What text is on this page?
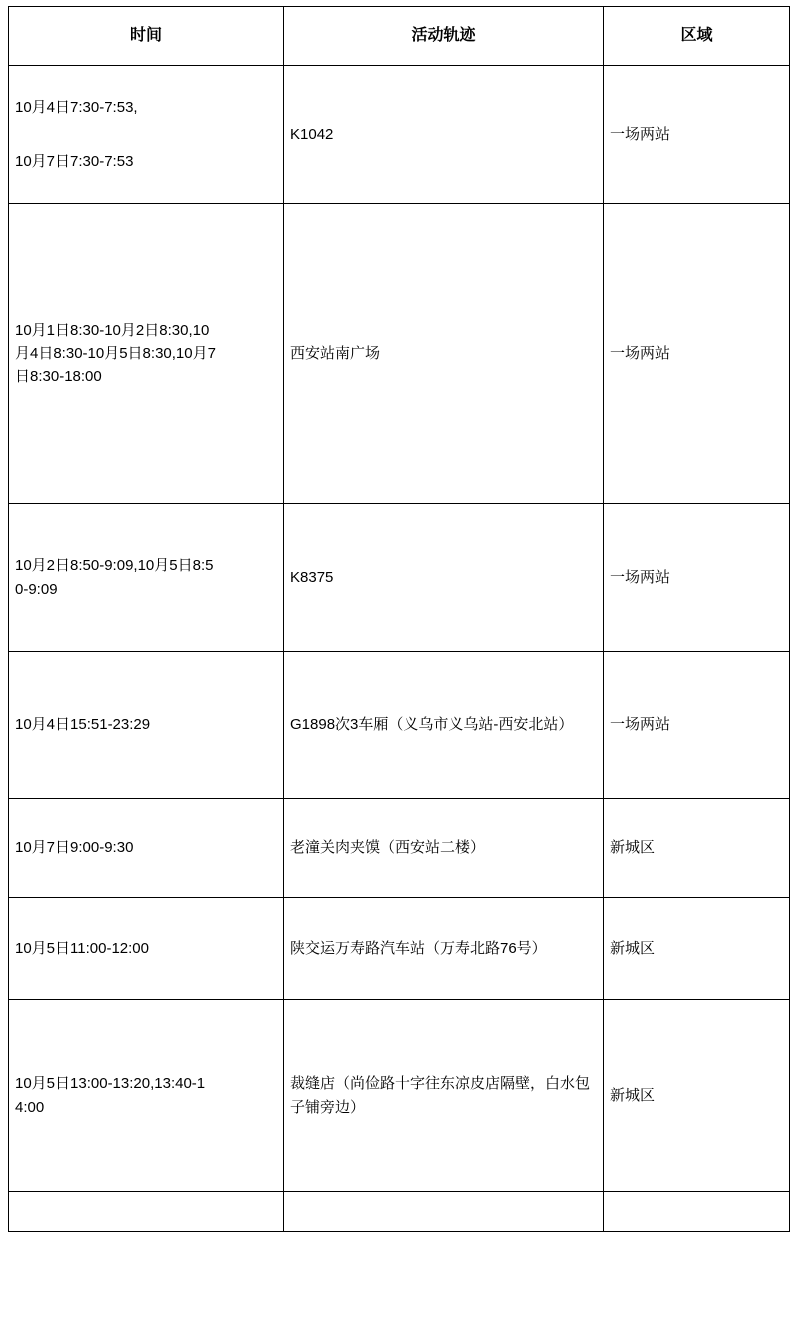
时间	活动轨迹	区域

10月4日7:30-7:53,
10月7日7:30-7:53	K1042	一场两站

10月1日8:30-10月2日8:30,10
月4日8:30-10月5日8:30,10月7
日8:30-18:00	西安站南广场	一场两站

10月2日8:50-9:09,10月5日8:5
0-9:09	K8375	一场两站

10月4日15:51-23:29	G1898次3车厢（义乌市义乌站-西安北站）	一场两站

10月7日9:00-9:30	老潼关肉夹馍（西安站二楼）	新城区

10月5日11:00-12:00	陕交运万寿路汽车站（万寿北路76号）	新城区

10月5日13:00-13:20,13:40-1
4:00	裁缝店（尚俭路十字往东凉皮店隔壁，白水包子铺旁边）	新城区
